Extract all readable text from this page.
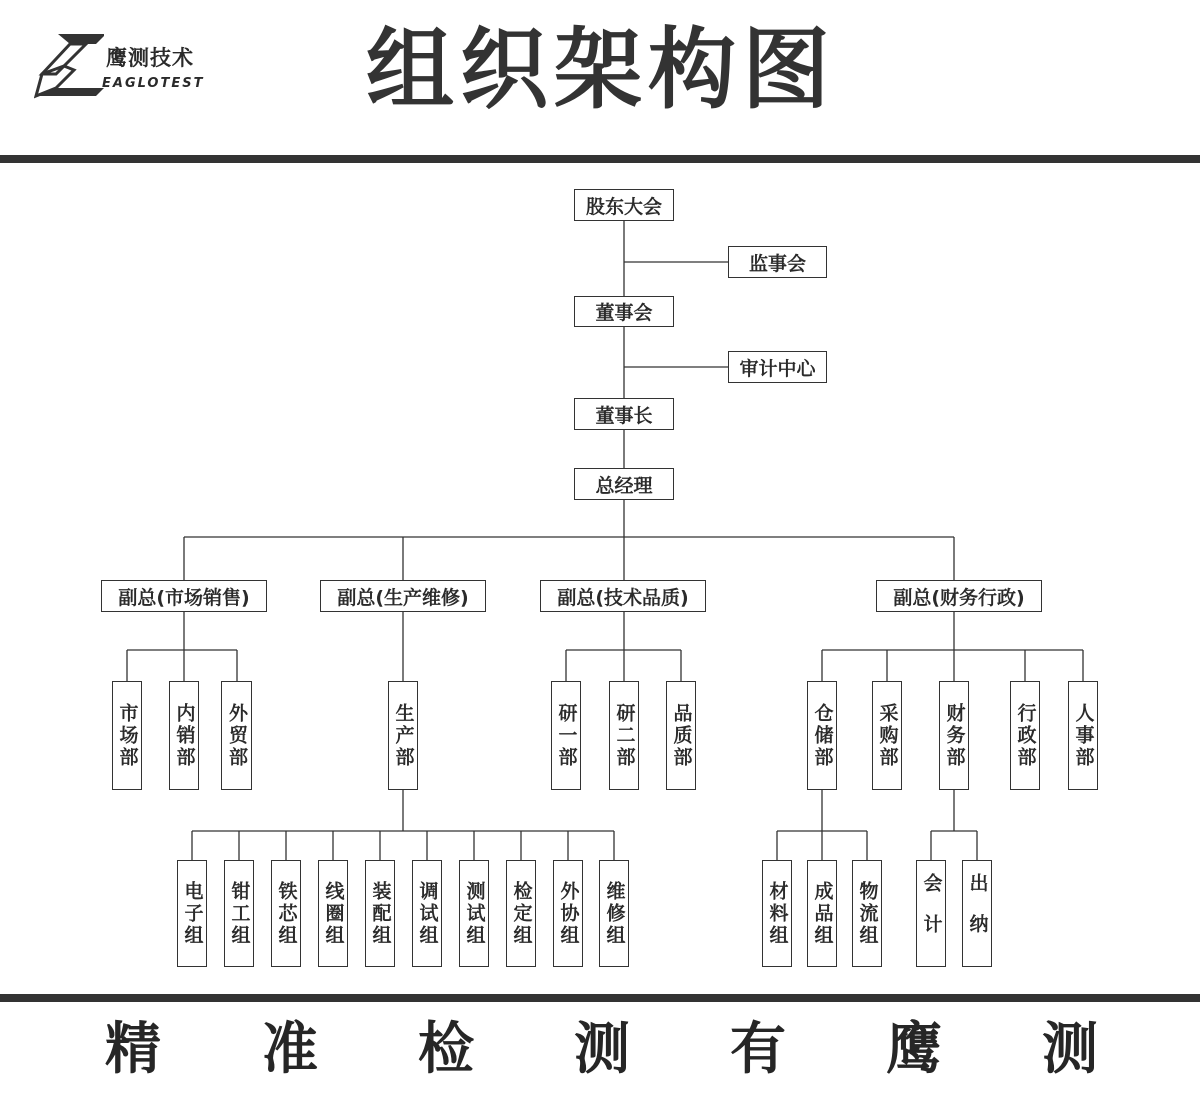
鹰测技术
EAGLOTEST 组织架构图
股东大会
监事会
董事会
审计中心
董事长
总经理
副总(市场销售)	副总(生产维修)	副总(技术品质)	副总(财务行政)
市场部 内销部 外贸部	生产部	研一部 研二部 品质部	仓储部 采购部 财务部	行政部 人事部
电子组 钳工组 铁芯组 线圈组 装配组 调试组 测试组 检定组 外协组 维修组	材料组 成品组 物流组 会计 出纳
精 准 检 测 有 鹰 测
